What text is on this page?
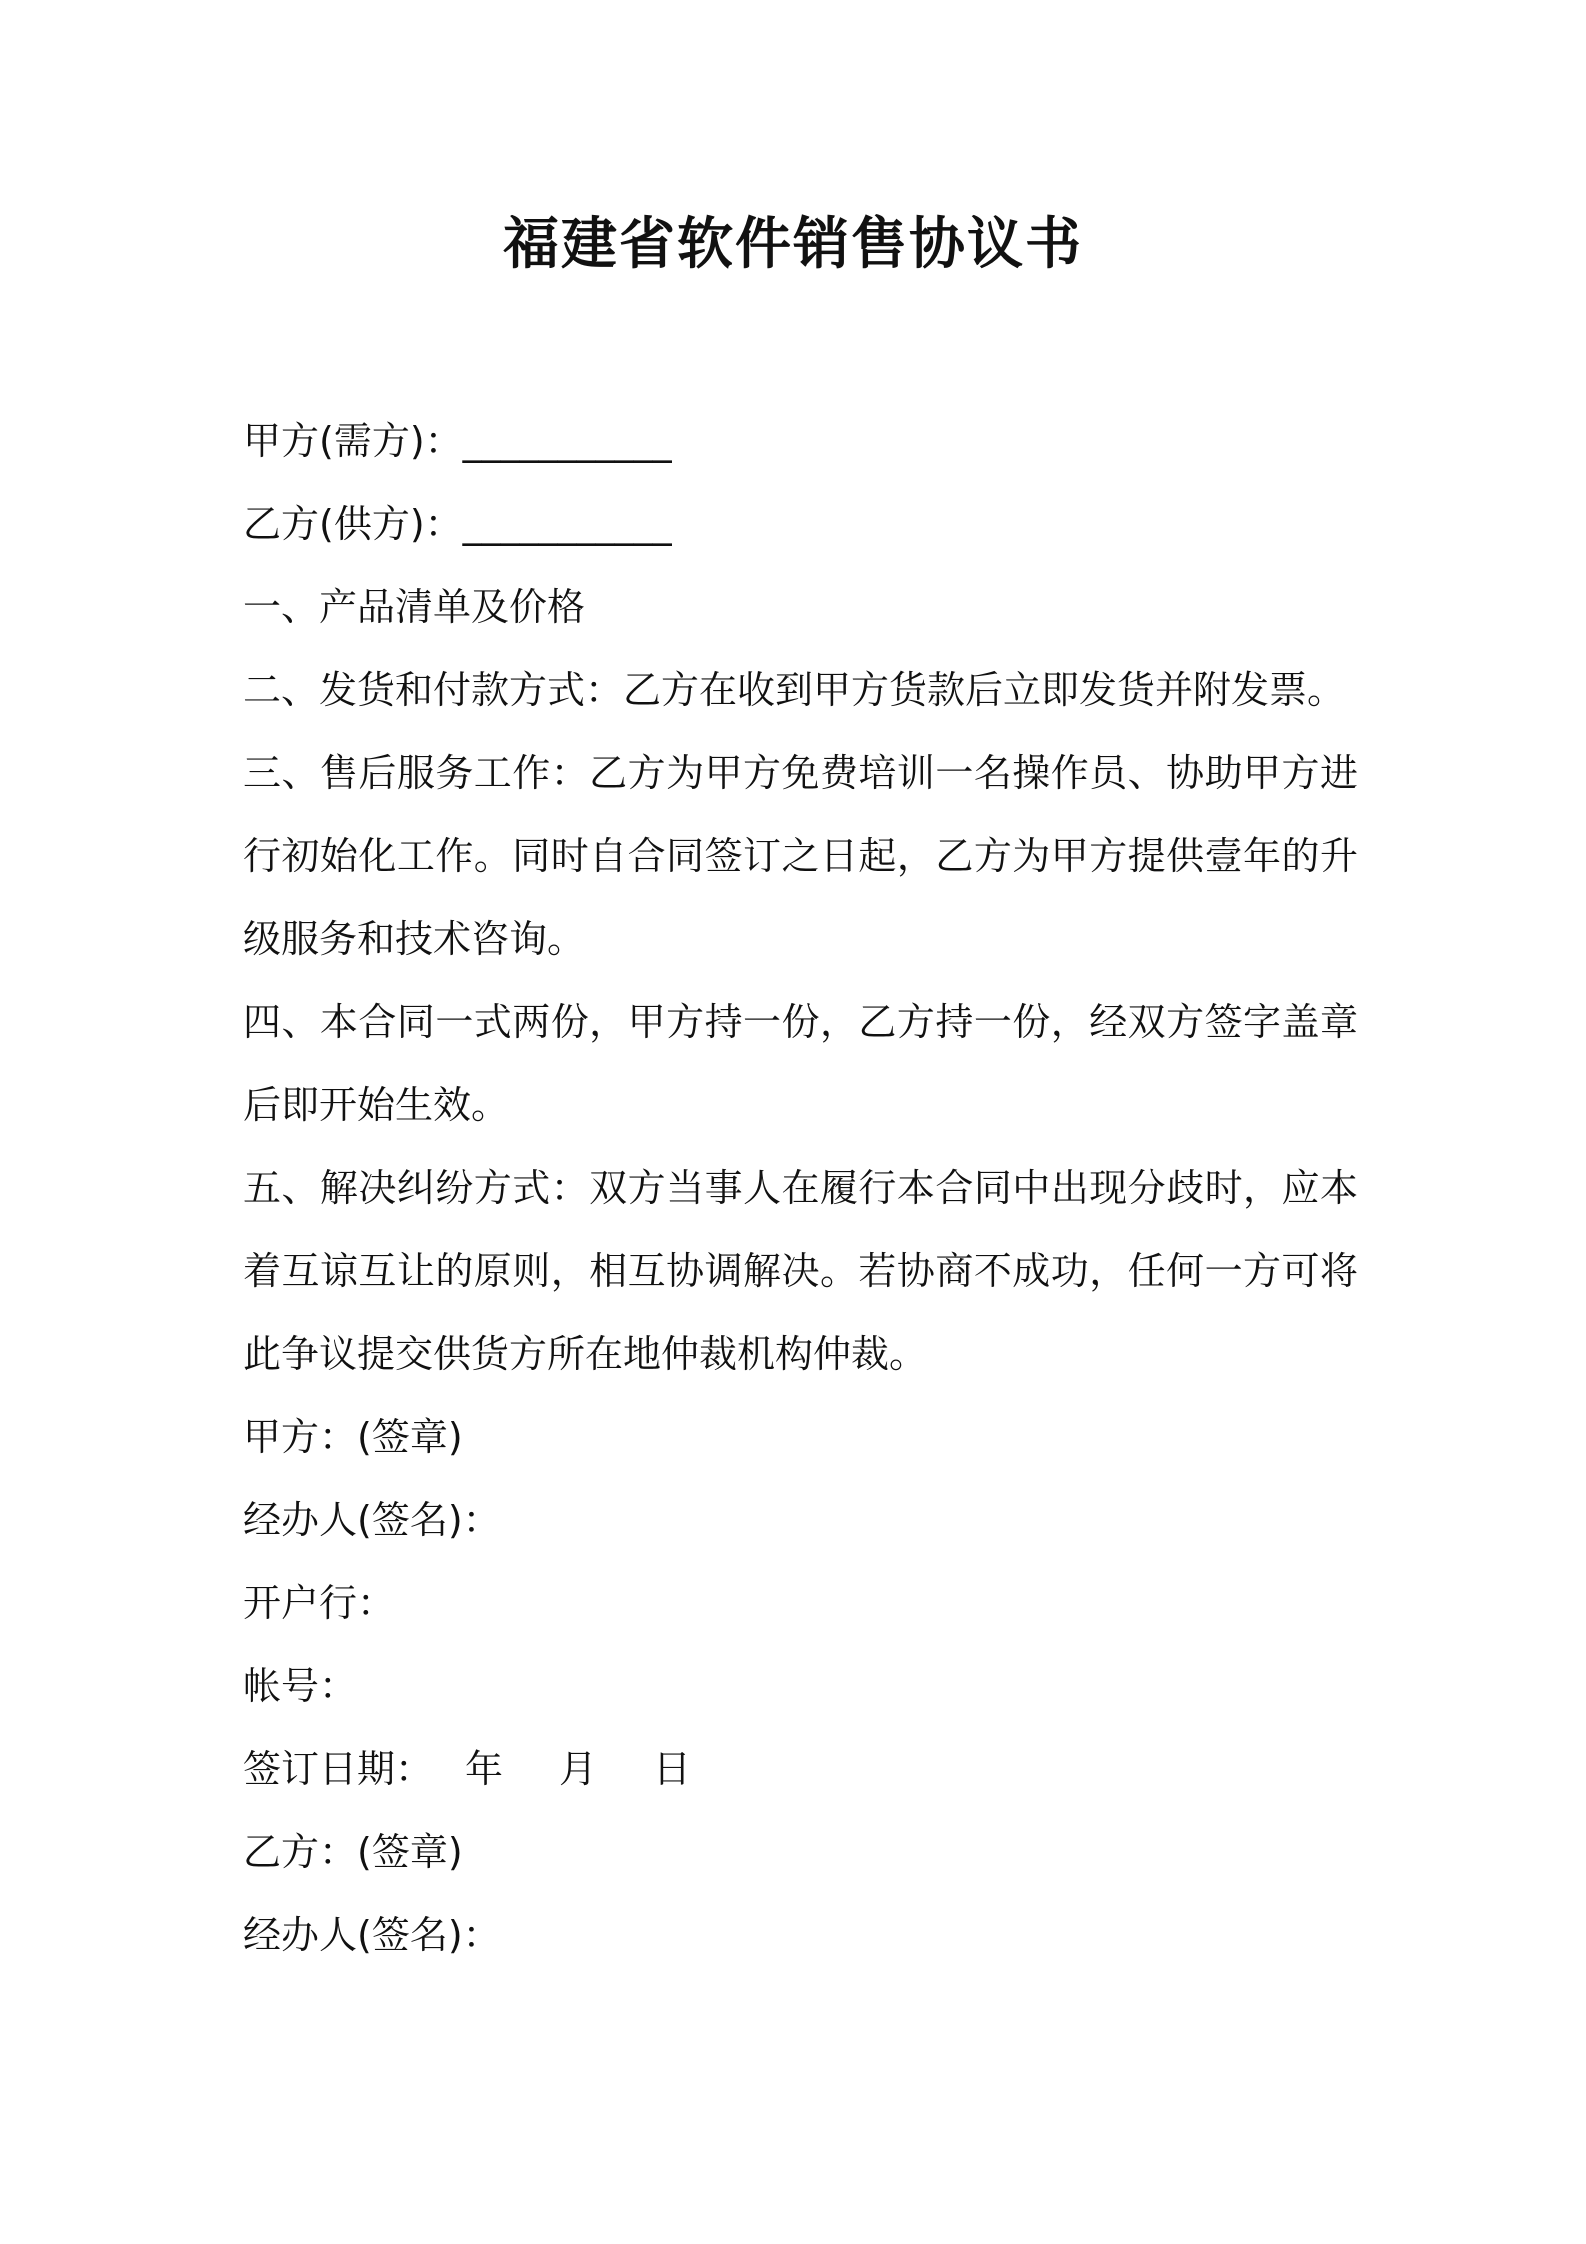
福建省软件销售协议书
甲方(需方)：___________
乙方(供方)：___________
一、产品清单及价格
二、发货和付款方式：乙方在收到甲方货款后立即发货并附发票。
三、售后服务工作：乙方为甲方免费培训一名操作员、协助甲方进行初始化工作。同时自合同签订之日起，乙方为甲方提供壹年的升级服务和技术咨询。
四、本合同一式两份，甲方持一份，乙方持一份，经双方签字盖章后即开始生效。
五、解决纠纷方式：双方当事人在履行本合同中出现分歧时，应本着互谅互让的原则，相互协调解决。若协商不成功，任何一方可将此争议提交供货方所在地仲裁机构仲裁。
甲方：(签章)
经办人(签名)：
开户行：
帐号：
签订日期： 年 月 日
乙方：(签章)
经办人(签名)：
